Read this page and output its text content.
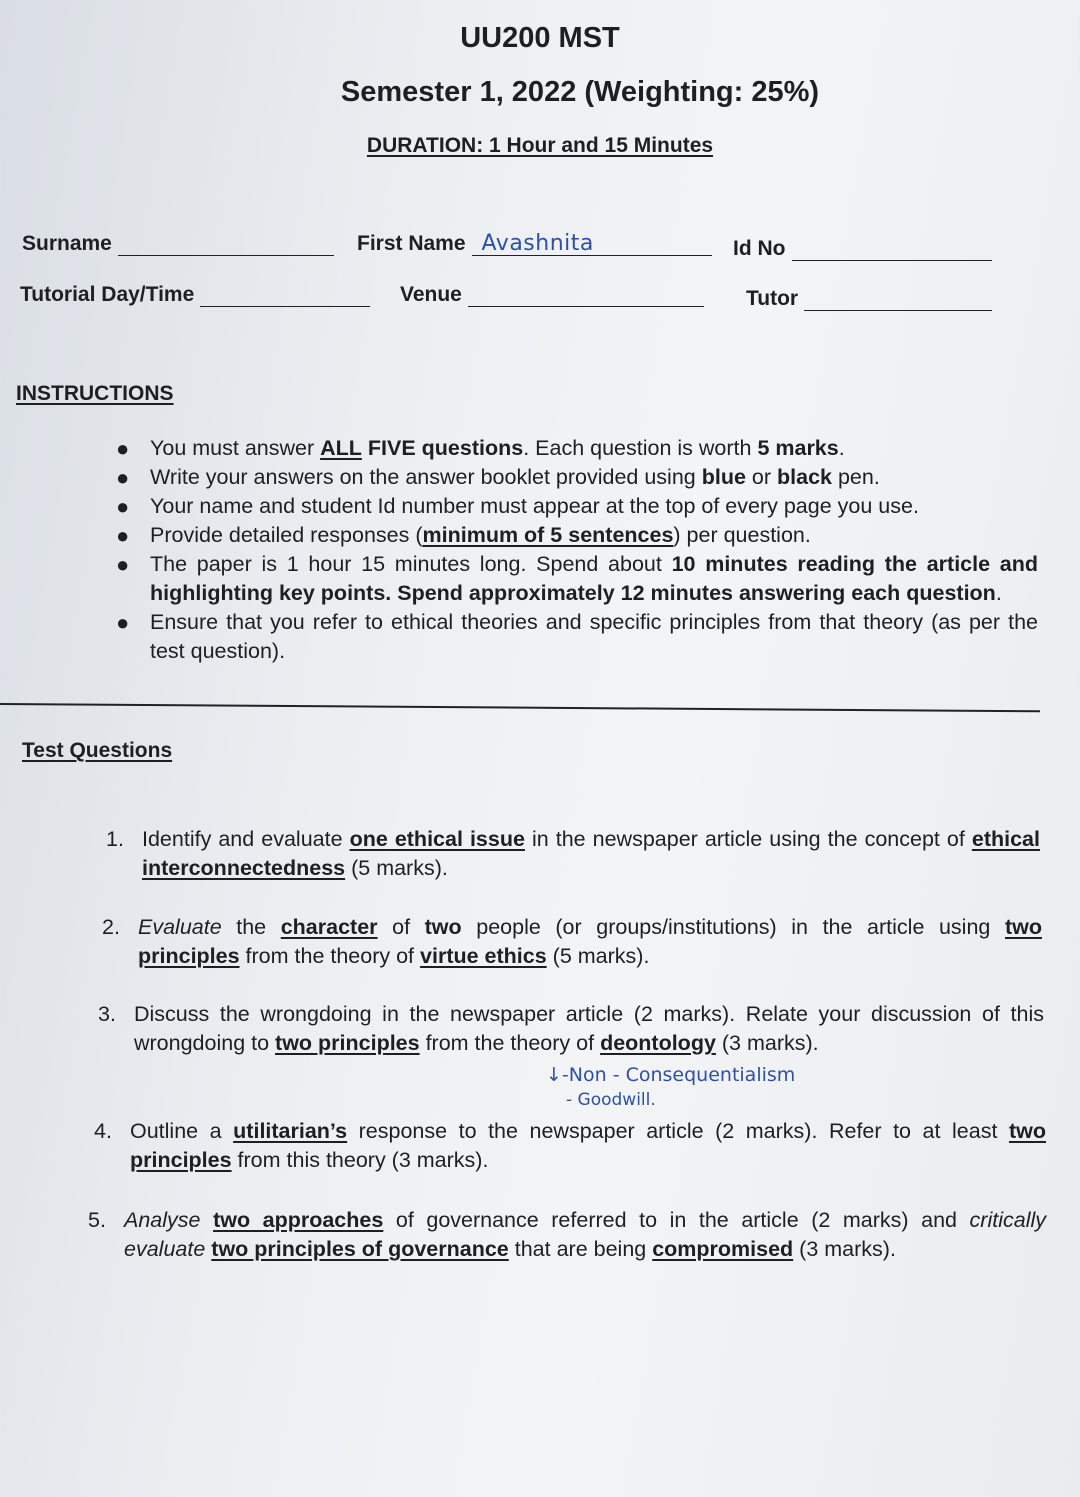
UU200 MST
Semester 1, 2022 (Weighting: 25%)
DURATION: 1 Hour and 15 Minutes
Surname	First Name Avashnita	Id No
Tutorial Day/Time	Venue	Tutor
INSTRUCTIONS
● You must answer ALL FIVE questions. Each question is worth 5 marks.
● Write your answers on the answer booklet provided using blue or black pen.
● Your name and student Id number must appear at the top of every page you use.
● Provide detailed responses (minimum of 5 sentences) per question.
● The paper is 1 hour 15 minutes long. Spend about 10 minutes reading the article and highlighting key points. Spend approximately 12 minutes answering each question.
● Ensure that you refer to ethical theories and specific principles from that theory (as per the test question).
Test Questions
1. Identify and evaluate one ethical issue in the newspaper article using the concept of ethical interconnectedness (5 marks).
2. Evaluate the character of two people (or groups/institutions) in the article using two principles from the theory of virtue ethics (5 marks).
3. Discuss the wrongdoing in the newspaper article (2 marks). Relate your discussion of this wrongdoing to two principles from the theory of deontology (3 marks).
↓-Non - Consequentialism
- Goodwill.
4. Outline a utilitarian’s response to the newspaper article (2 marks). Refer to at least two principles from this theory (3 marks).
5. Analyse two approaches of governance referred to in the article (2 marks) and critically evaluate two principles of governance that are being compromised (3 marks).
